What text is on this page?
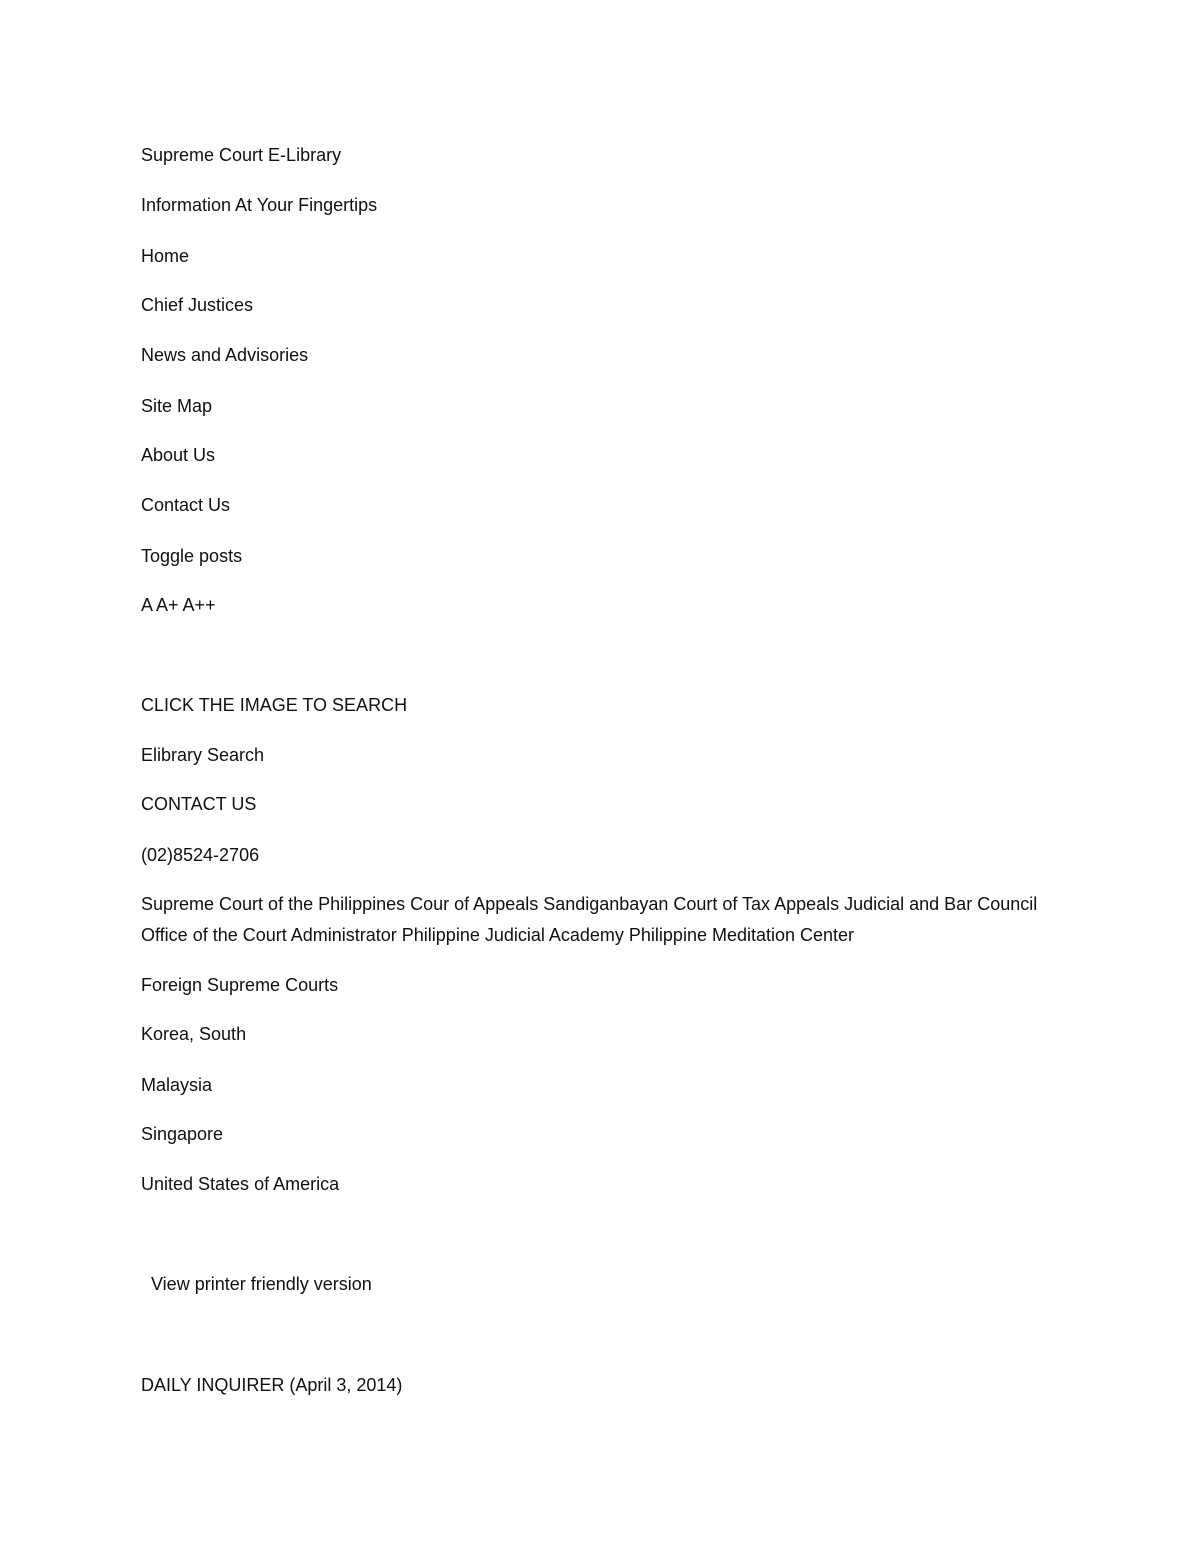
Supreme Court E-Library
Information At Your Fingertips
Home
Chief Justices
News and Advisories
Site Map
About Us
Contact Us
Toggle posts
A A+ A++
CLICK THE IMAGE TO SEARCH
Elibrary Search
CONTACT US
(02)8524-2706
Supreme Court of the Philippines Cour of Appeals Sandiganbayan Court of Tax Appeals Judicial and Bar Council Office of the Court Administrator Philippine Judicial Academy Philippine Meditation Center
Foreign Supreme Courts
Korea, South
Malaysia
Singapore
United States of America
View printer friendly version
DAILY INQUIRER (April 3, 2014)
